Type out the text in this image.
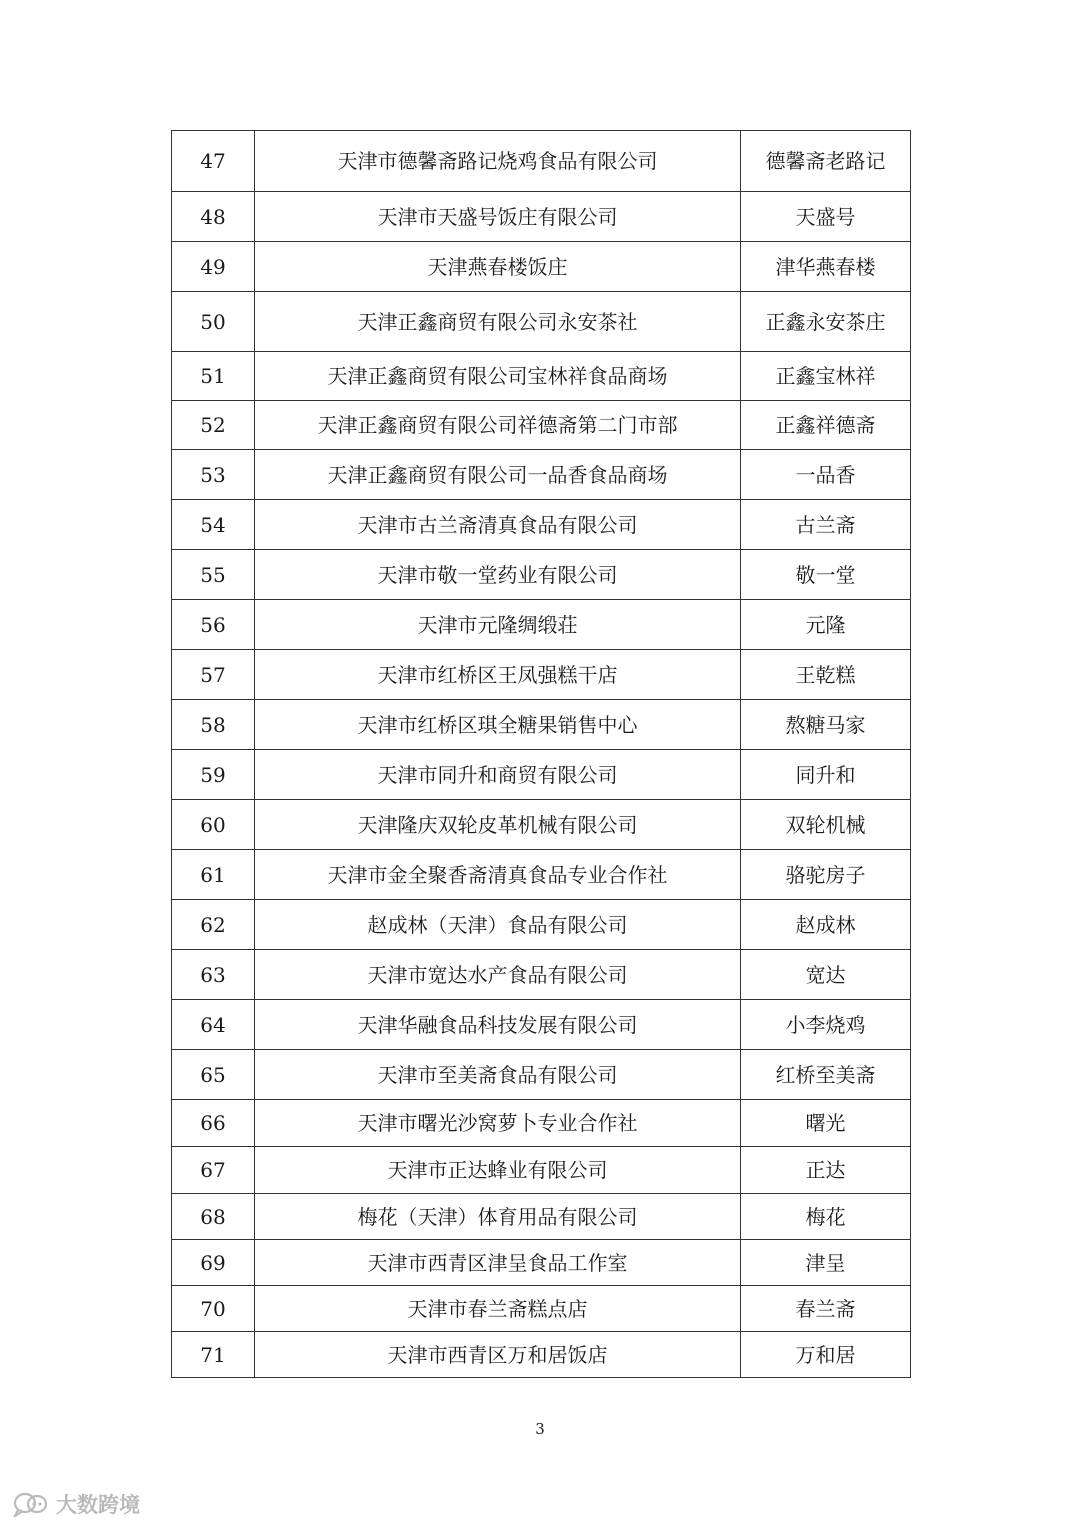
47	天津市德馨斋路记烧鸡食品有限公司	德馨斋老路记
48	天津市天盛号饭庄有限公司	天盛号
49	天津燕春楼饭庄	津华燕春楼
50	天津正鑫商贸有限公司永安茶社	正鑫永安茶庄
51	天津正鑫商贸有限公司宝林祥食品商场	正鑫宝林祥
52	天津正鑫商贸有限公司祥德斋第二门市部	正鑫祥德斋
53	天津正鑫商贸有限公司一品香食品商场	一品香
54	天津市古兰斋清真食品有限公司	古兰斋
55	天津市敬一堂药业有限公司	敬一堂
56	天津市元隆绸缎荘	元隆
57	天津市红桥区王凤强糕干店	王乾糕
58	天津市红桥区琪全糖果销售中心	熬糖马家
59	天津市同升和商贸有限公司	同升和
60	天津隆庆双轮皮革机械有限公司	双轮机械
61	天津市金全聚香斋清真食品专业合作社	骆驼房子
62	赵成林（天津）食品有限公司	赵成林
63	天津市宽达水产食品有限公司	宽达
64	天津华融食品科技发展有限公司	小李烧鸡
65	天津市至美斋食品有限公司	红桥至美斋
66	天津市曙光沙窝萝卜专业合作社	曙光
67	天津市正达蜂业有限公司	正达
68	梅花（天津）体育用品有限公司	梅花
69	天津市西青区津呈食品工作室	津呈
70	天津市春兰斋糕点店	春兰斋
71	天津市西青区万和居饭店	万和居
3
大数跨境
